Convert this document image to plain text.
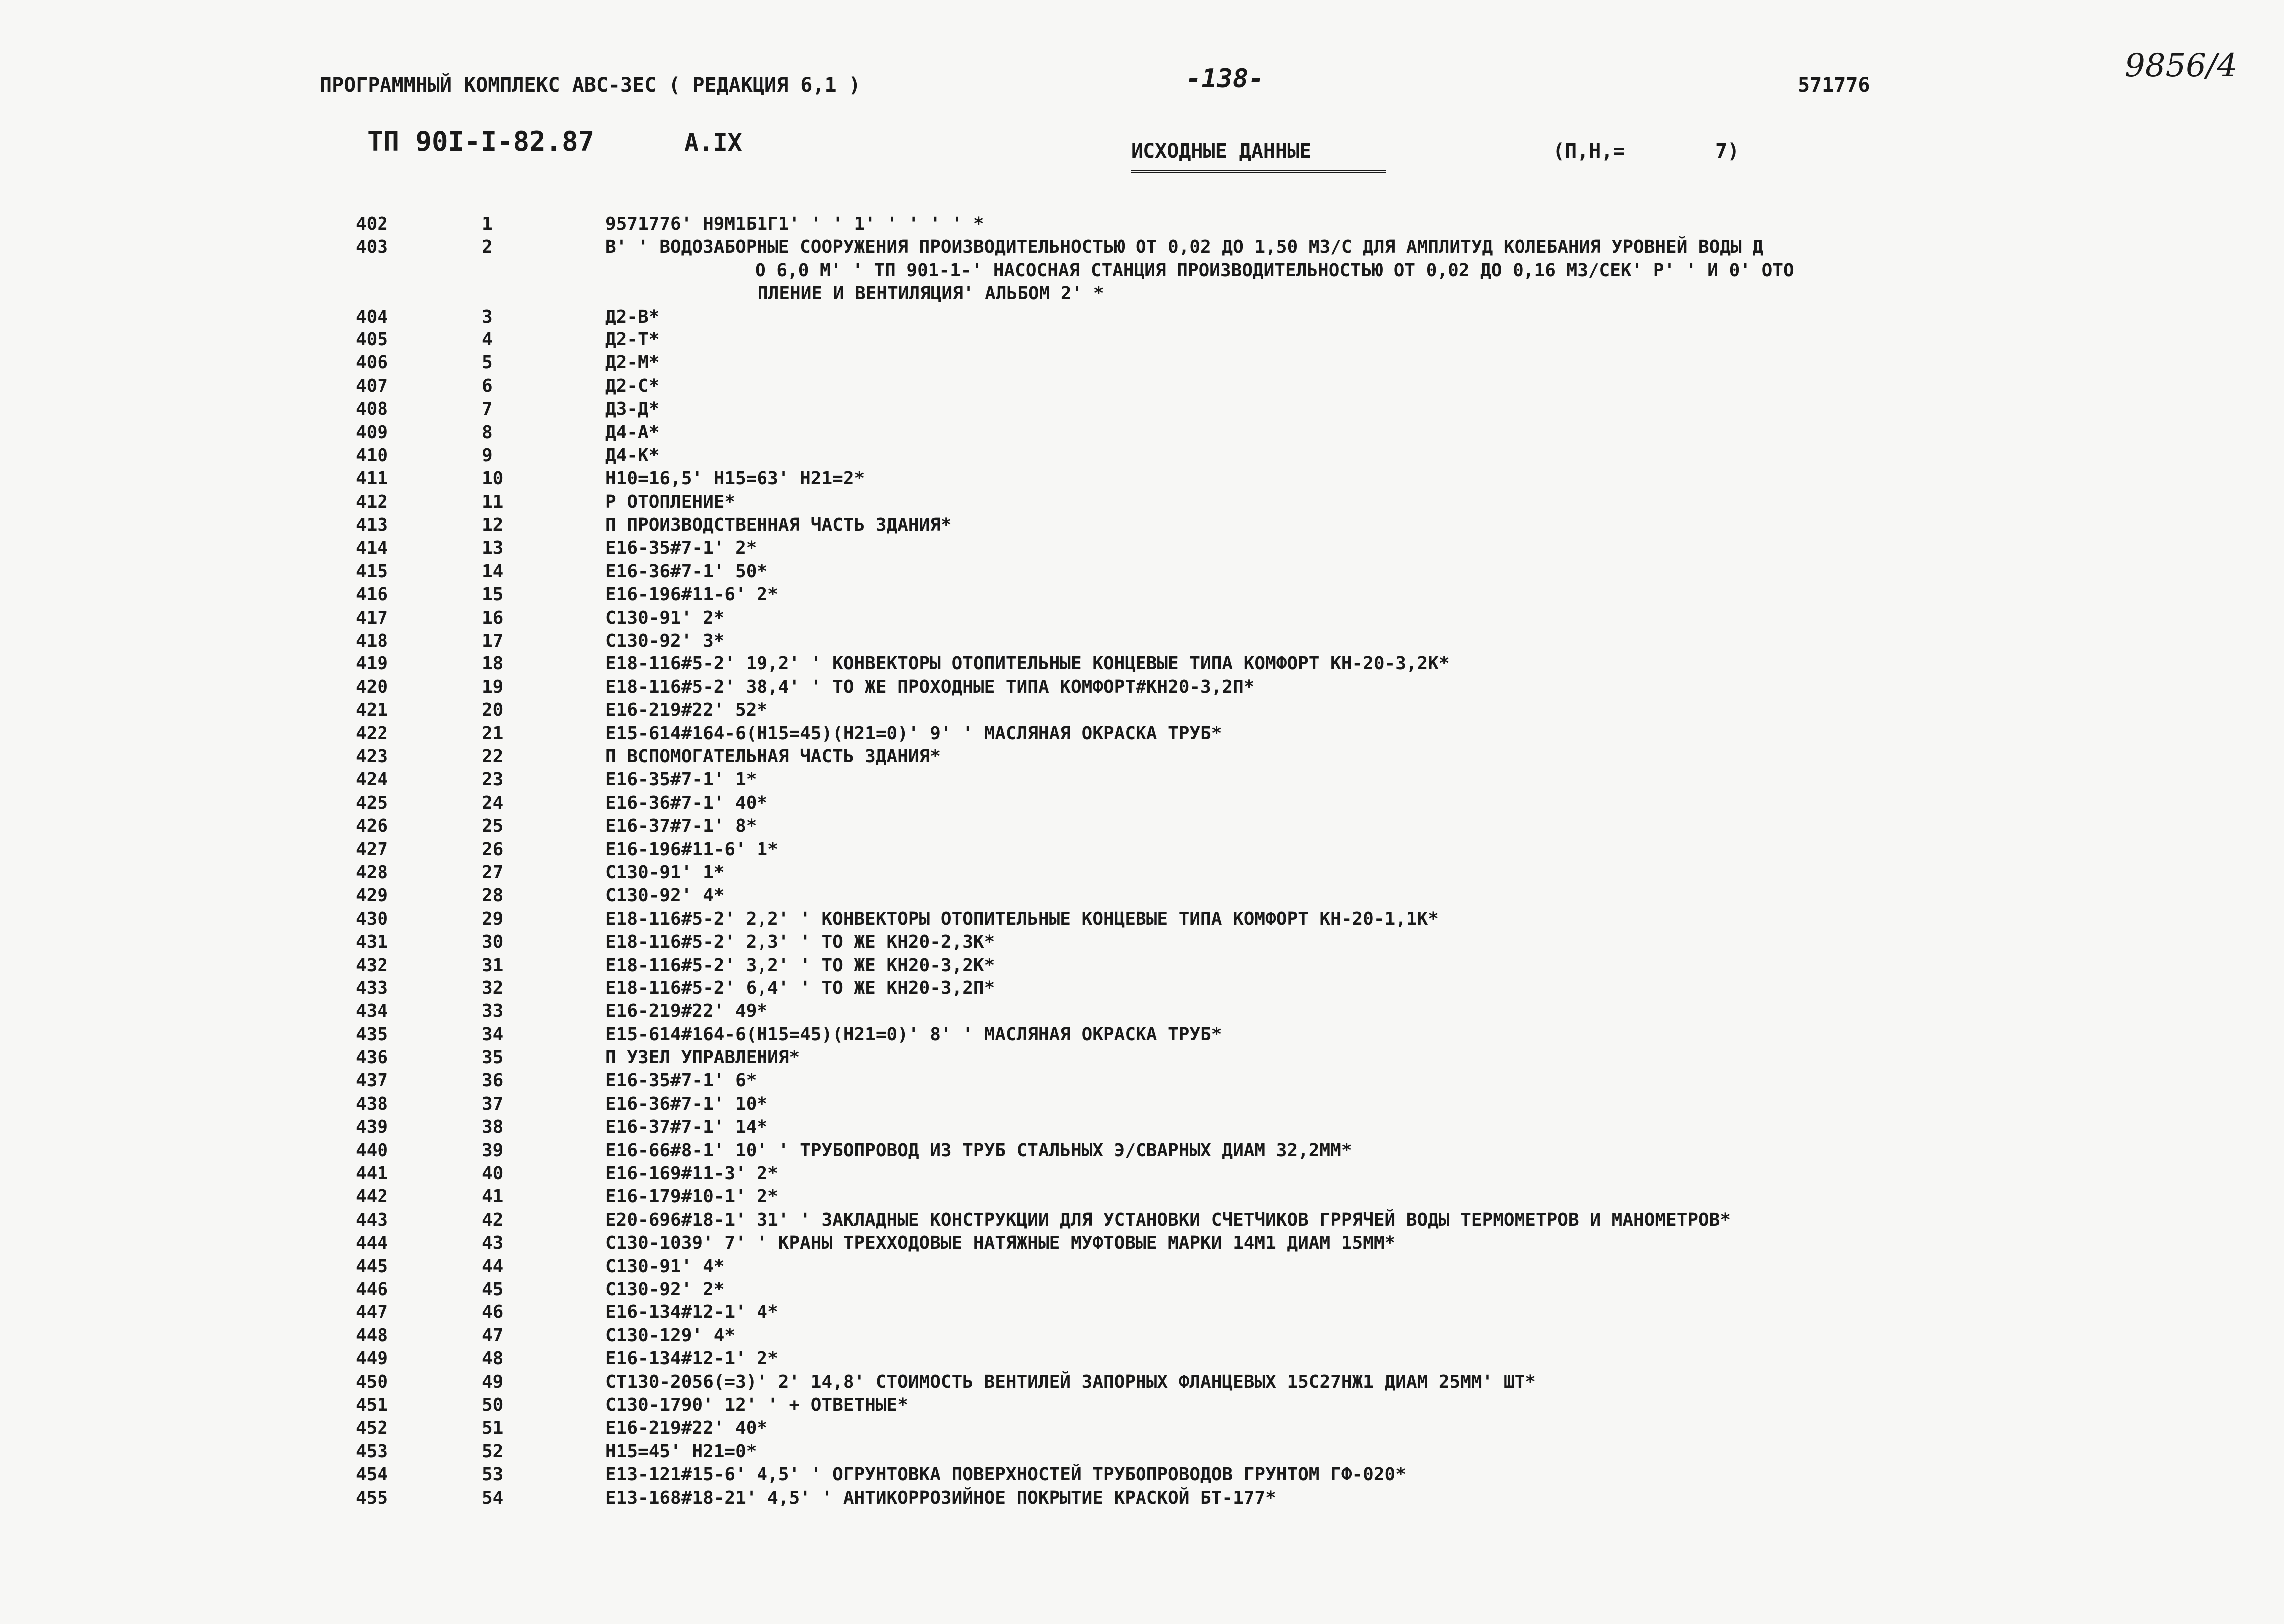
ПРОГРАММНЫЙ КОМПЛЕКС АВС-3ЕС ( РЕДАКЦИЯ 6,1 )	-138-	571776
9856/4
ТП 90I-I-82.87	А.IX	ИСХОДНЫЕ ДАННЫЕ	(П,Н,=	7)
402	1	9571776' Н9М1Б1Г1' ' ' 1' ' ' ' ' *
403	2	В' ' ВОДОЗАБОРНЫЕ СООРУЖЕНИЯ ПРОИЗВОДИТЕЛЬНОСТЬЮ ОТ 0,02 ДО 1,50 М3/С ДЛЯ АМПЛИТУД КОЛЕБАНИЯ УРОВНЕЙ ВОДЫ Д
О 6,0 М' ' ТП 901-1-' НАСОСНАЯ СТАНЦИЯ ПРОИЗВОДИТЕЛЬНОСТЬЮ ОТ 0,02 ДО 0,16 М3/СЕК' Р' ' И 0' ОТО
ПЛЕНИЕ И ВЕНТИЛЯЦИЯ' АЛЬБОМ 2' *
404	3	Д2-В*
405	4	Д2-Т*
406	5	Д2-М*
407	6	Д2-С*
408	7	Д3-Д*
409	8	Д4-А*
410	9	Д4-К*
411	10	Н10=16,5' Н15=63' Н21=2*
412	11	Р ОТОПЛЕНИЕ*
413	12	П ПРОИЗВОДСТВЕННАЯ ЧАСТЬ ЗДАНИЯ*
414	13	Е16-35#7-1' 2*
415	14	Е16-36#7-1' 50*
416	15	Е16-196#11-6' 2*
417	16	С130-91' 2*
418	17	С130-92' 3*
419	18	Е18-116#5-2' 19,2' ' КОНВЕКТОРЫ ОТОПИТЕЛЬНЫЕ КОНЦЕВЫЕ ТИПА КОМФОРТ КН-20-3,2К*
420	19	Е18-116#5-2' 38,4' ' ТО ЖЕ ПРОХОДНЫЕ ТИПА КОМФОРТ#КН20-3,2П*
421	20	Е16-219#22' 52*
422	21	Е15-614#164-6(Н15=45)(Н21=0)' 9' ' МАСЛЯНАЯ ОКРАСКА ТРУБ*
423	22	П ВСПОМОГАТЕЛЬНАЯ ЧАСТЬ ЗДАНИЯ*
424	23	Е16-35#7-1' 1*
425	24	Е16-36#7-1' 40*
426	25	Е16-37#7-1' 8*
427	26	Е16-196#11-6' 1*
428	27	С130-91' 1*
429	28	С130-92' 4*
430	29	Е18-116#5-2' 2,2' ' КОНВЕКТОРЫ ОТОПИТЕЛЬНЫЕ КОНЦЕВЫЕ ТИПА КОМФОРТ КН-20-1,1К*
431	30	Е18-116#5-2' 2,3' ' ТО ЖЕ КН20-2,3К*
432	31	Е18-116#5-2' 3,2' ' ТО ЖЕ КН20-3,2К*
433	32	Е18-116#5-2' 6,4' ' ТО ЖЕ КН20-3,2П*
434	33	Е16-219#22' 49*
435	34	Е15-614#164-6(Н15=45)(Н21=0)' 8' ' МАСЛЯНАЯ ОКРАСКА ТРУБ*
436	35	П УЗЕЛ УПРАВЛЕНИЯ*
437	36	Е16-35#7-1' 6*
438	37	Е16-36#7-1' 10*
439	38	Е16-37#7-1' 14*
440	39	Е16-66#8-1' 10' ' ТРУБОПРОВОД ИЗ ТРУБ СТАЛЬНЫХ Э/СВАРНЫХ ДИАМ 32,2ММ*
441	40	Е16-169#11-3' 2*
442	41	Е16-179#10-1' 2*
443	42	Е20-696#18-1' 31' ' ЗАКЛАДНЫЕ КОНСТРУКЦИИ ДЛЯ УСТАНОВКИ СЧЕТЧИКОВ ГРРЯЧЕЙ ВОДЫ ТЕРМОМЕТРОВ И МАНОМЕТРОВ*
444	43	С130-1039' 7' ' КРАНЫ ТРЕХХОДОВЫЕ НАТЯЖНЫЕ МУФТОВЫЕ МАРКИ 14М1 ДИАМ 15ММ*
445	44	С130-91' 4*
446	45	С130-92' 2*
447	46	Е16-134#12-1' 4*
448	47	С130-129' 4*
449	48	Е16-134#12-1' 2*
450	49	СТ130-2056(=3)' 2' 14,8' СТОИМОСТЬ ВЕНТИЛЕЙ ЗАПОРНЫХ ФЛАНЦЕВЫХ 15С27НЖ1 ДИАМ 25ММ' ШТ*
451	50	С130-1790' 12' ' + ОТВЕТНЫЕ*
452	51	Е16-219#22' 40*
453	52	Н15=45' Н21=0*
454	53	Е13-121#15-6' 4,5' ' ОГРУНТОВКА ПОВЕРХНОСТЕЙ ТРУБОПРОВОДОВ ГРУНТОМ ГФ-020*
455	54	Е13-168#18-21' 4,5' ' АНТИКОРРОЗИЙНОЕ ПОКРЫТИЕ КРАСКОЙ БТ-177*
